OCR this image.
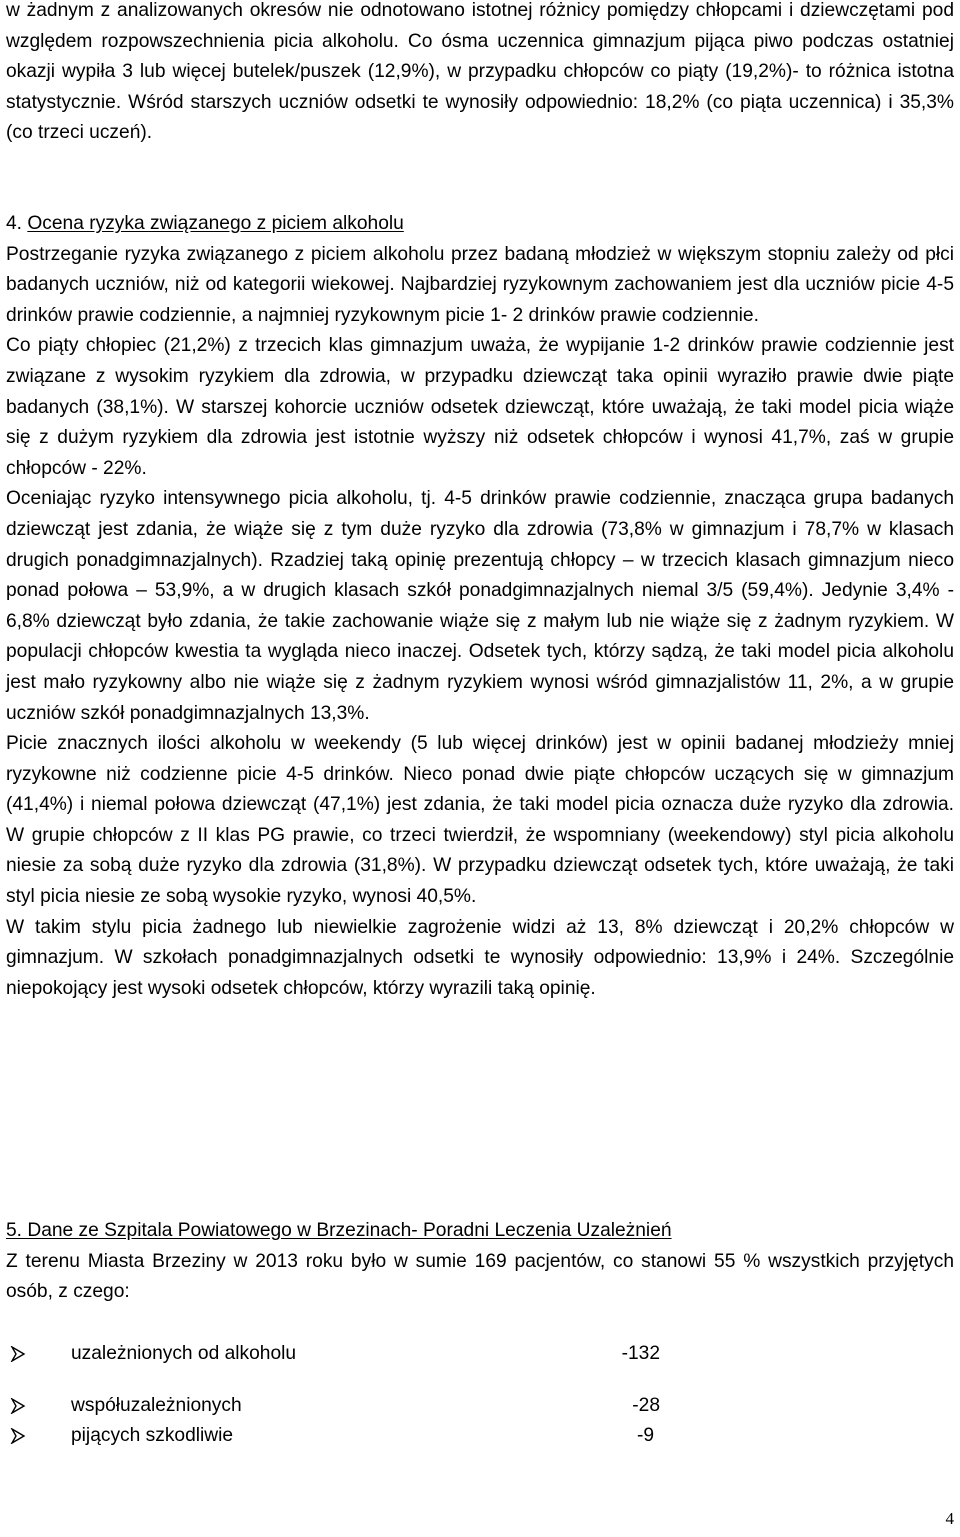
w żadnym z analizowanych okresów nie odnotowano istotnej różnicy pomiędzy chłopcami i dziewczętami pod względem rozpowszechnienia picia alkoholu. Co ósma uczennica gimnazjum pijąca piwo podczas ostatniej okazji wypiła 3 lub więcej butelek/puszek (12,9%), w przypadku chłopców co piąty (19,2%)- to różnica istotna statystycznie. Wśród starszych uczniów odsetki te wynosiły odpowiednio: 18,2% (co piąta uczennica) i 35,3% (co trzeci uczeń).

4. Ocena ryzyka związanego z piciem alkoholu

Postrzeganie ryzyka związanego z piciem alkoholu przez badaną młodzież w większym stopniu zależy od płci badanych uczniów, niż od kategorii wiekowej. Najbardziej ryzykownym zachowaniem jest dla uczniów picie 4-5 drinków prawie codziennie, a najmniej ryzykownym picie 1- 2 drinków prawie codziennie.

Co piąty chłopiec (21,2%) z trzecich klas gimnazjum uważa, że wypijanie 1-2 drinków prawie codziennie jest związane z wysokim ryzykiem dla zdrowia, w przypadku dziewcząt taka opinii wyraziło prawie dwie piąte badanych (38,1%). W starszej kohorcie uczniów odsetek dziewcząt, które uważają, że taki model picia wiąże się z dużym ryzykiem dla zdrowia jest istotnie wyższy niż odsetek chłopców i wynosi 41,7%, zaś w grupie chłopców - 22%.

Oceniając ryzyko intensywnego picia alkoholu, tj. 4-5 drinków prawie codziennie, znacząca grupa badanych dziewcząt jest zdania, że wiąże się z tym duże ryzyko dla zdrowia (73,8% w gimnazjum i 78,7% w klasach drugich ponadgimnazjalnych). Rzadziej taką opinię prezentują chłopcy – w trzecich klasach gimnazjum nieco ponad połowa – 53,9%, a w drugich klasach szkół ponadgimnazjalnych niemal 3/5 (59,4%). Jedynie 3,4% - 6,8% dziewcząt było zdania, że takie zachowanie wiąże się z małym lub nie wiąże się z żadnym ryzykiem. W populacji chłopców kwestia ta wygląda nieco inaczej. Odsetek tych, którzy sądzą, że taki model picia alkoholu jest mało ryzykowny albo nie wiąże się z żadnym ryzykiem wynosi wśród gimnazjalistów 11, 2%, a w grupie uczniów szkół ponadgimnazjalnych 13,3%.

Picie znacznych ilości alkoholu w weekendy (5 lub więcej drinków) jest w opinii badanej młodzieży mniej ryzykowne niż codzienne picie 4-5 drinków. Nieco ponad dwie piąte chłopców uczących się w gimnazjum (41,4%) i niemal połowa dziewcząt (47,1%) jest zdania, że taki model picia oznacza duże ryzyko dla zdrowia. W grupie chłopców z II klas PG prawie, co trzeci twierdził, że wspomniany (weekendowy) styl picia alkoholu niesie za sobą duże ryzyko dla zdrowia (31,8%). W przypadku dziewcząt odsetek tych, które uważają, że taki styl picia niesie ze sobą wysokie ryzyko, wynosi 40,5%.

W takim stylu picia żadnego lub niewielkie zagrożenie widzi aż 13, 8% dziewcząt i 20,2% chłopców w gimnazjum. W szkołach ponadgimnazjalnych odsetki te wynosiły odpowiednio: 13,9% i 24%. Szczególnie niepokojący jest wysoki odsetek chłopców, którzy wyrazili taką opinię.

5. Dane ze Szpitala Powiatowego w Brzezinach- Poradni Leczenia Uzależnień

Z terenu Miasta Brzeziny w 2013 roku było w sumie 169 pacjentów, co stanowi 55 % wszystkich przyjętych osób, z czego:

uzależnionych od alkoholu	-132
współuzależnionych	-28
pijących szkodliwie	-9
4
